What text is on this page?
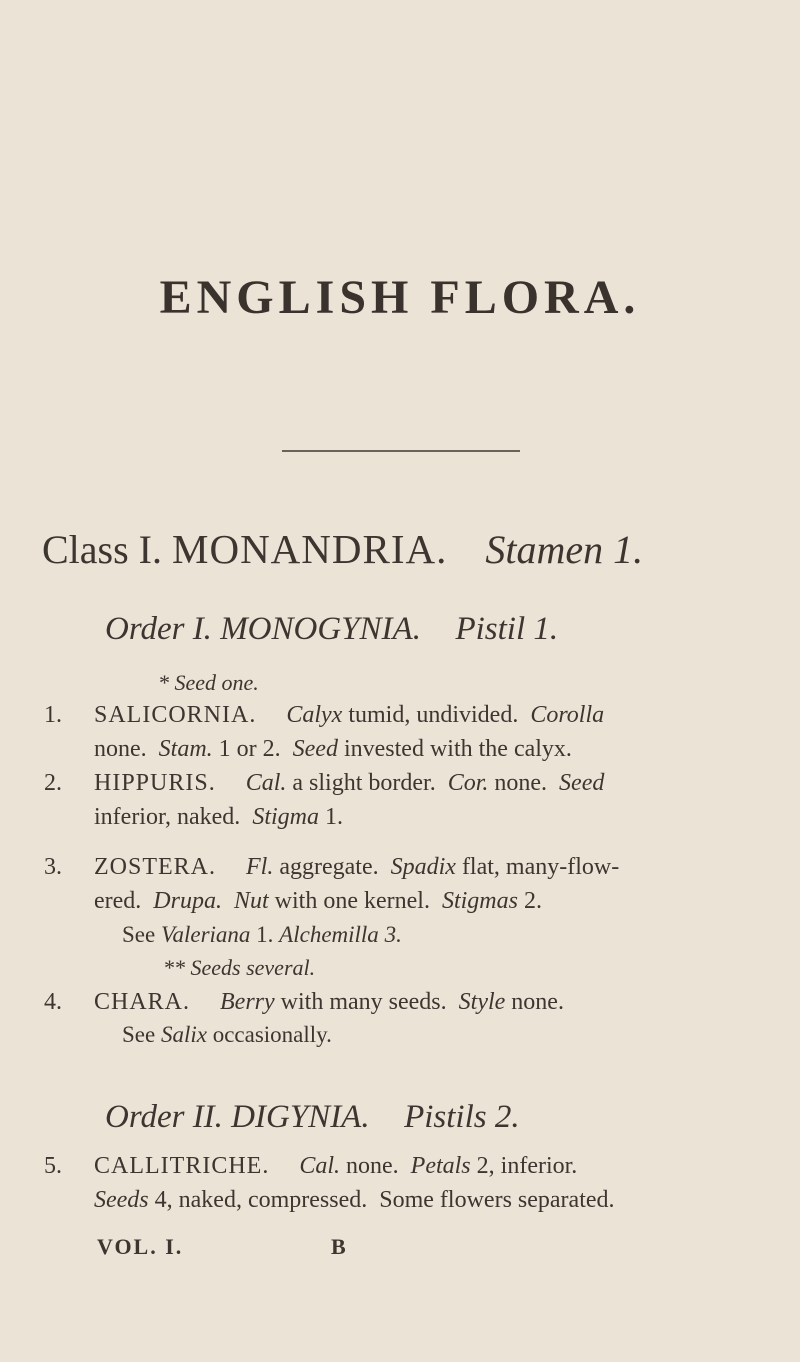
ENGLISH FLORA.
Class I. MONANDRIA. Stamen 1.
Order I. MONOGYNIA. Pistil 1.
* Seed one.
1. SALICORNIA. Calyx tumid, undivided.  Corolla
none.  Stam. 1 or 2.  Seed invested with the calyx.
2. HIPPURIS. Cal. a slight border.  Cor. none.  Seed
inferior, naked.  Stigma 1.
3. ZOSTERA. Fl. aggregate.  Spadix flat, many-flow-
ered.  Drupa.  Nut with one kernel.  Stigmas 2.
See Valeriana 1. Alchemilla 3.
** Seeds several.
4. CHARA. Berry with many seeds.  Style none.
See Salix occasionally.
Order II. DIGYNIA. Pistils 2.
5. CALLITRICHE. Cal. none.  Petals 2, inferior.
Seeds 4, naked, compressed.  Some flowers separated.
VOL. I.	B
